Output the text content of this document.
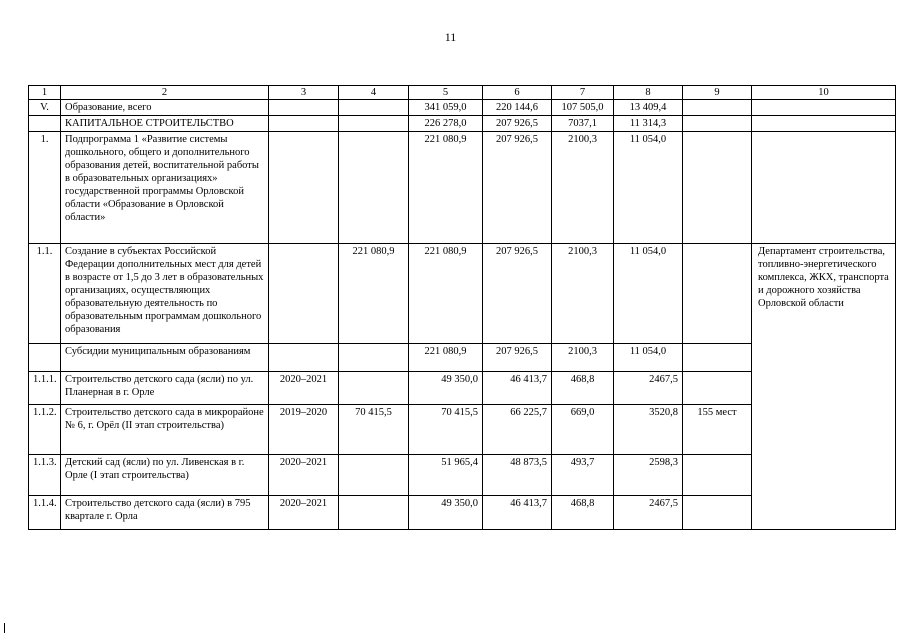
11
1	2	3	4	5	6	7	8	9	10
V.	Образование, всего			341 059,0	220 144,6	107 505,0	13 409,4		
	КАПИТАЛЬНОЕ СТРОИТЕЛЬСТВО			226 278,0	207 926,5	7037,1	11 314,3		
1.	Подпрограмма 1 «Развитие системы дошкольного, общего и дополнительного образования детей, воспитательной работы в образовательных организациях» государственной программы Орловской области «Образование в Орловской области»			221 080,9	207 926,5	2100,3	11 054,0		
1.1.	Создание в субъектах Российской Федерации дополнительных мест для детей в возрасте от 1,5 до 3 лет в образовательных организациях, осуществляющих образовательную деятельность по образовательным программам дошкольного образования		221 080,9	221 080,9	207 926,5	2100,3	11 054,0		Департамент строительства, топливно-энергетического комплекса, ЖКХ, транспорта и дорожного хозяйства Орловской области
	Субсидии муниципальным образованиям			221 080,9	207 926,5	2100,3	11 054,0		
1.1.1.	Строительство детского сада (ясли) по ул. Планерная в г. Орле	2020–2021		49 350,0	46 413,7	468,8	2467,5		
1.1.2.	Строительство детского сада в микрорайоне № 6, г. Орёл (II этап строительства)	2019–2020	70 415,5	70 415,5	66 225,7	669,0	3520,8	155 мест	
1.1.3.	Детский сад (ясли) по ул. Ливенская в г. Орле (I этап строительства)	2020–2021		51 965,4	48 873,5	493,7	2598,3		
1.1.4.	Строительство детского сада (ясли) в 795 квартале г. Орла	2020–2021		49 350,0	46 413,7	468,8	2467,5		
